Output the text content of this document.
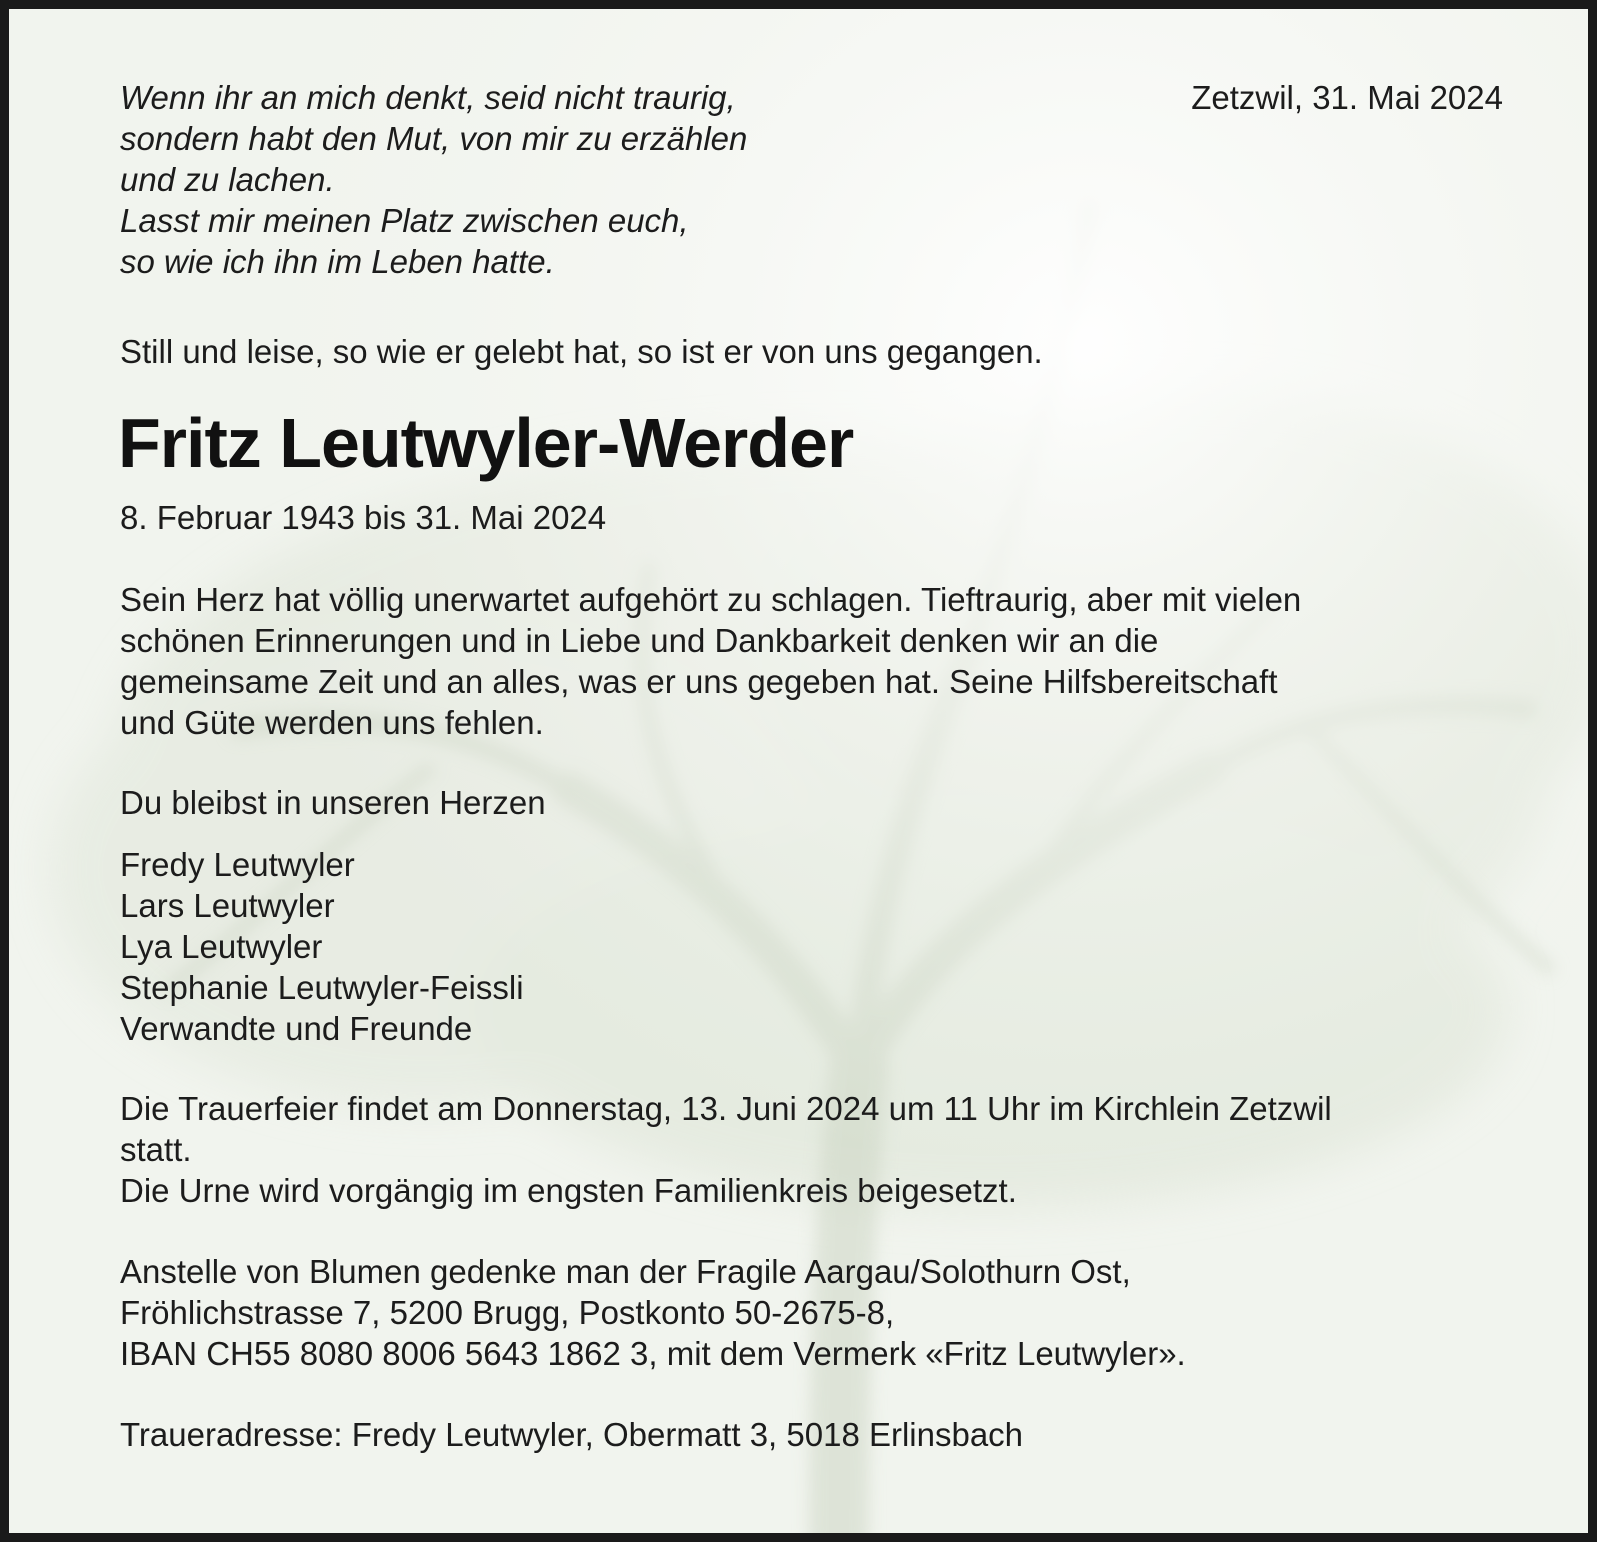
Wenn ihr an mich denkt, seid nicht traurig,
sondern habt den Mut, von mir zu erzählen
und zu lachen.
Lasst mir meinen Platz zwischen euch,
so wie ich ihn im Leben hatte.
Zetzwil, 31. Mai 2024
Still und leise, so wie er gelebt hat, so ist er von uns gegangen.
Fritz Leutwyler-Werder
8. Februar 1943 bis 31. Mai 2024
Sein Herz hat völlig unerwartet aufgehört zu schlagen. Tieftraurig, aber mit vielen
schönen Erinnerungen und in Liebe und Dankbarkeit denken wir an die
gemeinsame Zeit und an alles, was er uns gegeben hat. Seine Hilfsbereitschaft
und Güte werden uns fehlen.
Du bleibst in unseren Herzen
Fredy Leutwyler
Lars Leutwyler
Lya Leutwyler
Stephanie Leutwyler-Feissli
Verwandte und Freunde
Die Trauerfeier findet am Donnerstag, 13. Juni 2024 um 11 Uhr im Kirchlein Zetzwil
statt.
Die Urne wird vorgängig im engsten Familienkreis beigesetzt.
Anstelle von Blumen gedenke man der Fragile Aargau/Solothurn Ost,
Fröhlichstrasse 7, 5200 Brugg, Postkonto 50-2675-8,
IBAN CH55 8080 8006 5643 1862 3, mit dem Vermerk «Fritz Leutwyler».
Traueradresse: Fredy Leutwyler, Obermatt 3, 5018 Erlinsbach
